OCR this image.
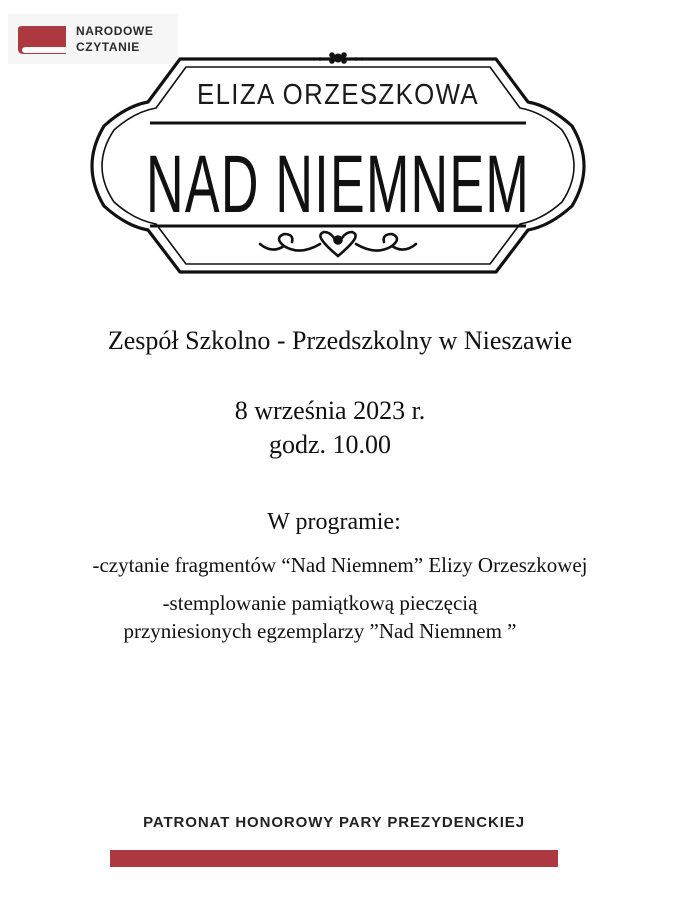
NARODOWE
CZYTANIE
ELIZA ORZESZKOWA
NAD NIEMNEM
Zespół Szkolno - Przedszkolny w Nieszawie
8 września 2023 r.
godz. 10.00
W programie:
-czytanie fragmentów “Nad Niemnem” Elizy Orzeszkowej
-stemplowanie pamiątkową pieczęcią
przyniesionych egzemplarzy ”Nad Niemnem ”
PATRONAT HONOROWY PARY PREZYDENCKIEJ
